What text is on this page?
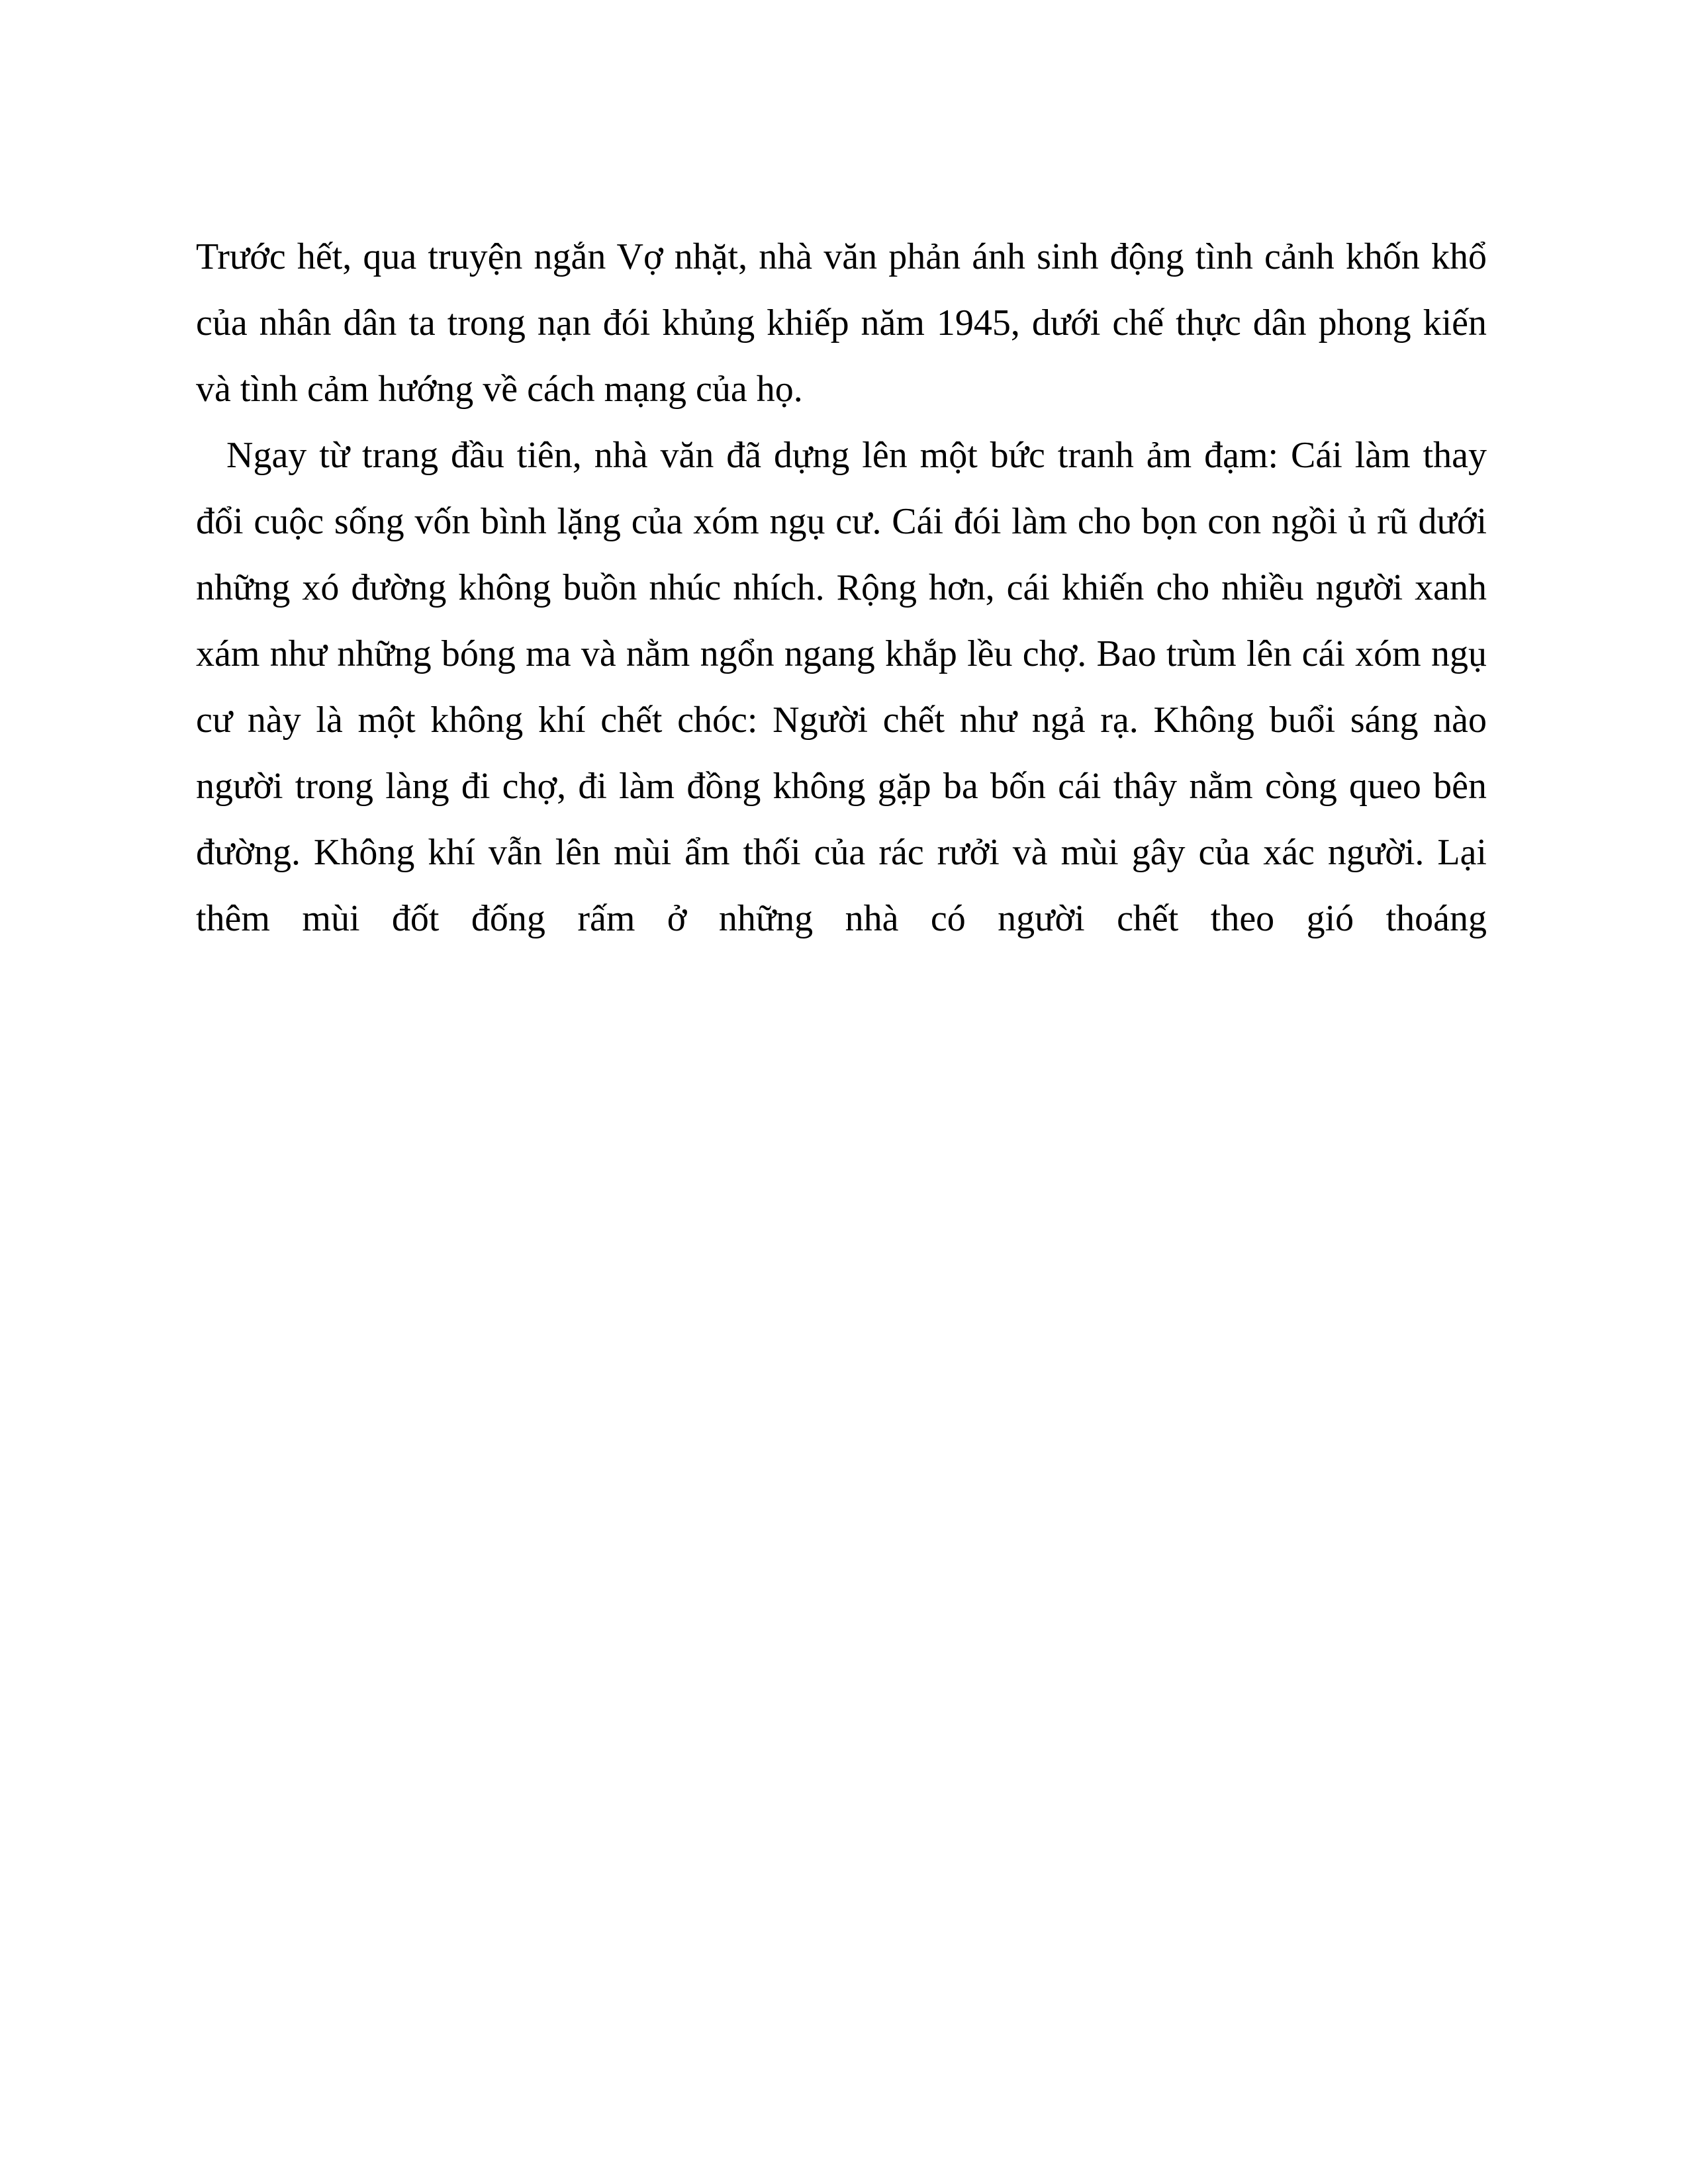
Trước hết, qua truyện ngắn Vợ nhặt, nhà văn phản ánh sinh động tình cảnh khốn khổ của nhân dân ta trong nạn đói khủng khiếp năm 1945, dưới chế thực dân phong kiến và tình cảm hướng về cách mạng của họ.

Ngay từ trang đầu tiên, nhà văn đã dựng lên một bức tranh ảm đạm: Cái làm thay đổi cuộc sống vốn bình lặng của xóm ngụ cư. Cái đói làm cho bọn con ngồi ủ rũ dưới những xó đường không buồn nhúc nhích. Rộng hơn, cái khiến cho nhiều người xanh xám như những bóng ma và nằm ngổn ngang khắp lều chợ. Bao trùm lên cái xóm ngụ cư này là một không khí chết chóc: Người chết như ngả rạ. Không buổi sáng nào người trong làng đi chợ, đi làm đồng không gặp ba bốn cái thây nằm còng queo bên đường. Không khí vẫn lên mùi ẩm thối của rác rưởi và mùi gây của xác người. Lại thêm mùi đốt đống rấm ở những nhà có người chết theo gió thoáng
